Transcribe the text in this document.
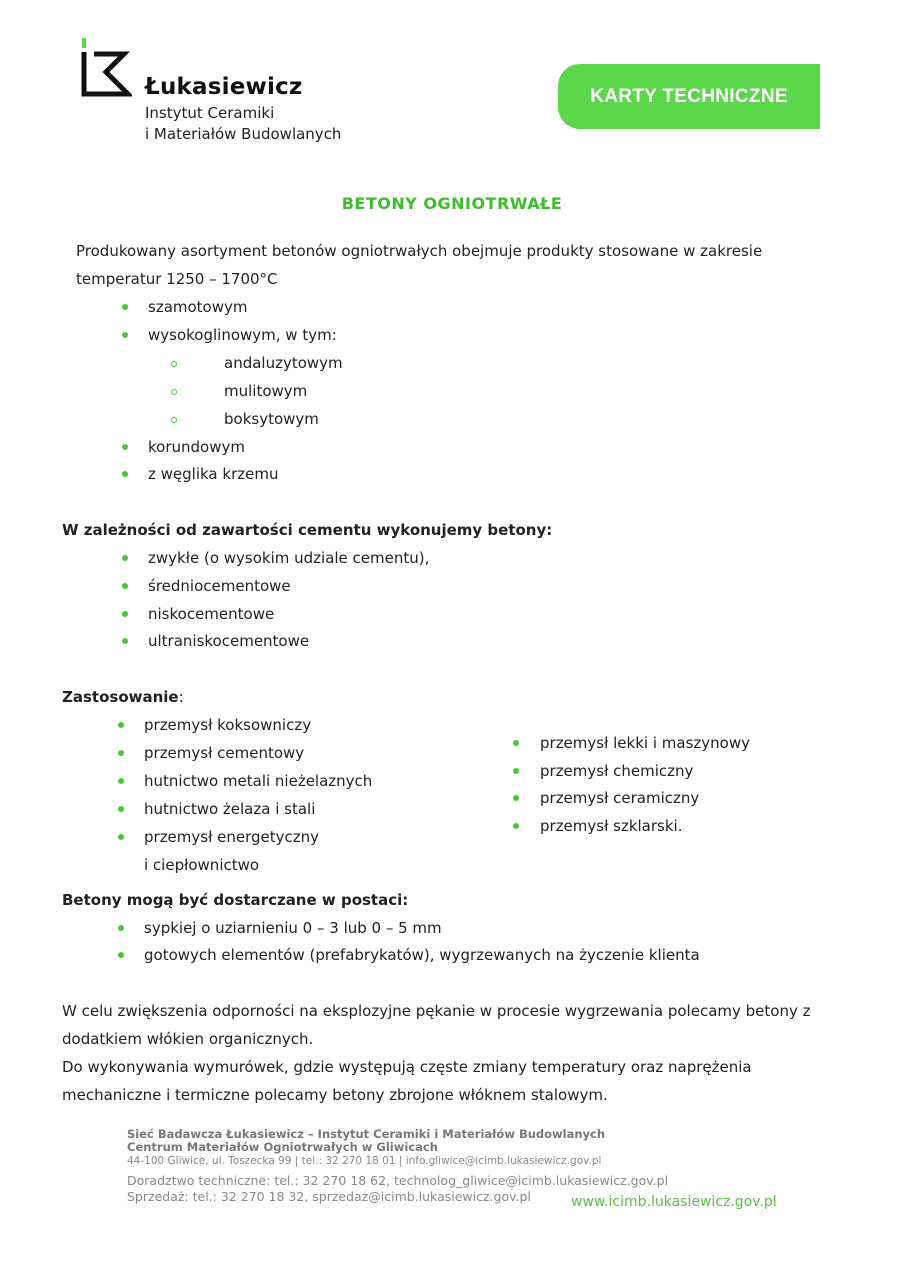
Łukasiewicz
Instytut Ceramiki
i Materiałów Budowlanych
KARTY TECHNICZNE
BETONY OGNIOTRWAŁE
Produkowany asortyment betonów ogniotrwałych obejmuje produkty stosowane w zakresie
temperatur 1250 – 1700°C
szamotowym
wysokoglinowym, w tym:
andaluzytowym
mulitowym
boksytowym
korundowym
z węglika krzemu
W zależności od zawartości cementu wykonujemy betony:
zwykłe (o wysokim udziale cementu),
średniocementowe
niskocementowe
ultraniskocementowe
Zastosowanie:
przemysł koksowniczy
przemysł cementowy
hutnictwo metali nieżelaznych
hutnictwo żelaza i stali
przemysł energetyczny
i ciepłownictwo
przemysł lekki i maszynowy
przemysł chemiczny
przemysł ceramiczny
przemysł szklarski.
Betony mogą być dostarczane w postaci:
sypkiej o uziarnieniu 0 – 3 lub 0 – 5 mm
gotowych elementów (prefabrykatów), wygrzewanych na życzenie klienta
W celu zwiększenia odporności na eksplozyjne pękanie w procesie wygrzewania polecamy betony z
dodatkiem włókien organicznych.
Do wykonywania wymurówek, gdzie występują częste zmiany temperatury oraz naprężenia
mechaniczne i termiczne polecamy betony zbrojone włóknem stalowym.
Sieć Badawcza Łukasiewicz – Instytut Ceramiki i Materiałów Budowlanych
Centrum Materiałów Ogniotrwałych w Gliwicach
44-100 Gliwice, ul. Toszecka 99 | tel.: 32 270 18 01 | info.gliwice@icimb.lukasiewicz.gov.pl
Doradztwo techniczne: tel.: 32 270 18 62, technolog_gliwice@icimb.lukasiewicz.gov.pl
Sprzedaż: tel.: 32 270 18 32, sprzedaz@icimb.lukasiewicz.gov.pl	www.icimb.lukasiewicz.gov.pl
